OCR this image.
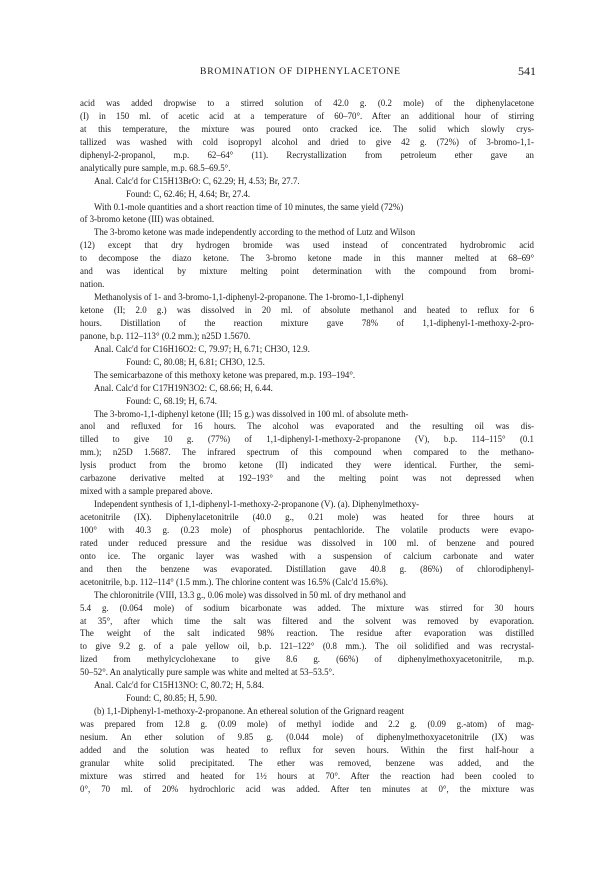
BROMINATION OF DIPHENYLACETONE	541
acid was added dropwise to a stirred solution of 42.0 g. (0.2 mole) of the diphenylacetone
(I) in 150 ml. of acetic acid at a temperature of 60–70°. After an additional hour of stirring
at this temperature, the mixture was poured onto cracked ice. The solid which slowly crys-
tallized was washed with cold isopropyl alcohol and dried to give 42 g. (72%) of 3-bromo-1,1-
diphenyl-2-propanol, m.p. 62–64° (11). Recrystallization from petroleum ether gave an
analytically pure sample, m.p. 68.5–69.5°.
Anal. Calc'd for C15H13BrO: C, 62.29; H, 4.53; Br, 27.7.
Found: C, 62.46; H, 4.64; Br, 27.4.
With 0.1-mole quantities and a short reaction time of 10 minutes, the same yield (72%)
of 3-bromo ketone (III) was obtained.
The 3-bromo ketone was made independently according to the method of Lutz and Wilson
(12) except that dry hydrogen bromide was used instead of concentrated hydrobromic acid
to decompose the diazo ketone. The 3-bromo ketone made in this manner melted at 68–69°
and was identical by mixture melting point determination with the compound from bromi-
nation.
Methanolysis of 1- and 3-bromo-1,1-diphenyl-2-propanone. The 1-bromo-1,1-diphenyl
ketone (II; 2.0 g.) was dissolved in 20 ml. of absolute methanol and heated to reflux for 6
hours. Distillation of the reaction mixture gave 78% of 1,1-diphenyl-1-methoxy-2-pro-
panone, b.p. 112–113° (0.2 mm.); n25D 1.5670.
Anal. Calc'd for C16H16O2: C, 79.97; H, 6.71; CH3O, 12.9.
Found: C, 80.08; H, 6.81; CH3O, 12.5.
The semicarbazone of this methoxy ketone was prepared, m.p. 193–194°.
Anal. Calc'd for C17H19N3O2: C, 68.66; H, 6.44.
Found: C, 68.19; H, 6.74.
The 3-bromo-1,1-diphenyl ketone (III; 15 g.) was dissolved in 100 ml. of absolute meth-
anol and refluxed for 16 hours. The alcohol was evaporated and the resulting oil was dis-
tilled to give 10 g. (77%) of 1,1-diphenyl-1-methoxy-2-propanone (V), b.p. 114–115° (0.1
mm.); n25D 1.5687. The infrared spectrum of this compound when compared to the methano-
lysis product from the bromo ketone (II) indicated they were identical. Further, the semi-
carbazone derivative melted at 192–193° and the melting point was not depressed when
mixed with a sample prepared above.
Independent synthesis of 1,1-diphenyl-1-methoxy-2-propanone (V). (a). Diphenylmethoxy-
acetonitrile (IX). Diphenylacetonitrile (40.0 g., 0.21 mole) was heated for three hours at
100° with 40.3 g. (0.23 mole) of phosphorus pentachloride. The volatile products were evapo-
rated under reduced pressure and the residue was dissolved in 100 ml. of benzene and poured
onto ice. The organic layer was washed with a suspension of calcium carbonate and water
and then the benzene was evaporated. Distillation gave 40.8 g. (86%) of chlorodiphenyl-
acetonitrile, b.p. 112–114° (1.5 mm.). The chlorine content was 16.5% (Calc'd 15.6%).
The chloronitrile (VIII, 13.3 g., 0.06 mole) was dissolved in 50 ml. of dry methanol and
5.4 g. (0.064 mole) of sodium bicarbonate was added. The mixture was stirred for 30 hours
at 35°, after which time the salt was filtered and the solvent was removed by evaporation.
The weight of the salt indicated 98% reaction. The residue after evaporation was distilled
to give 9.2 g. of a pale yellow oil, b.p. 121–122° (0.8 mm.). The oil solidified and was recrystal-
lized from methylcyclohexane to give 8.6 g. (66%) of diphenylmethoxyacetonitrile, m.p.
50–52°. An analytically pure sample was white and melted at 53–53.5°.
Anal. Calc'd for C15H13NO: C, 80.72; H, 5.84.
Found: C, 80.85; H, 5.90.
(b) 1,1-Diphenyl-1-methoxy-2-propanone. An ethereal solution of the Grignard reagent
was prepared from 12.8 g. (0.09 mole) of methyl iodide and 2.2 g. (0.09 g.-atom) of mag-
nesium. An ether solution of 9.85 g. (0.044 mole) of diphenylmethoxyacetonitrile (IX) was
added and the solution was heated to reflux for seven hours. Within the first half-hour a
granular white solid precipitated. The ether was removed, benzene was added, and the
mixture was stirred and heated for 1½ hours at 70°. After the reaction had been cooled to
0°, 70 ml. of 20% hydrochloric acid was added. After ten minutes at 0°, the mixture was
